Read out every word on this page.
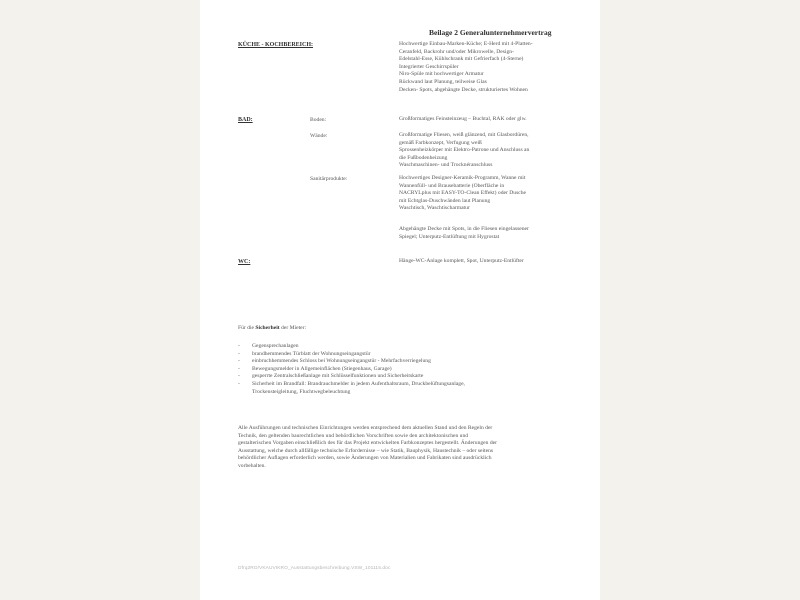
Beilage 2 Generalunternehmervertrag
KÜCHE - KOCHBEREICH:	Hochwertige Einbau-Marken-Küche; E-Herd mit 4-Platten-
Ceranfeld, Backrohr und/oder Mikrowelle, Design-
Edelstahl-Esse, Kühlschrank mit Gefrierfach (4-Sterne)
Integrierter Geschirrspüler
Niro-Spüle mit hochwertiger Armatur
Rückwand laut Planung, teilweise Glas
Decken- Spots, abgehängte Decke, strukturiertes Wohnen
BAD:	Boden:	Großformatiges Feinsteinzeug – Buchtal, RAK oder glw.
Wände:	Großformatige Fliesen, weiß glänzend, mit Glasbordüren,
gemäß Farbkonzept, Verfugung weiß
Sprossenheizkörper mit Elektro-Patrone und Anschluss an
die Fußbodenheizung
Waschmaschinen- und Trocknéranschluss
Sanitärprodukte:	Hochwertiges Designer-Keramik-Programm, Wanne mit
Wannenfüll- und Brausebatterie (Oberfläche in
NACRYLplus mit EASY-TO-Clean Effekt) oder Dusche
mit Echtglas-Duschwänden laut Planung
Waschtisch, Waschtischarmatur
Abgehängte Decke mit Spots, in die Fliesen eingelassener
Spiegel; Unterputz-Entlüftung mit Hygrostat
WC:	Hänge-WC-Anlage komplett, Spot, Unterputz-Entlüfter
Für die Sicherheit der Mieter:
- Gegensprechanlagen
- brandhemmendes Türblatt der Wohnungseingangstür
- einbruchhemmendes Schloss bei Wohnungseingangstür - Mehrfachverriegelung
- Bewegungsmelder in Allgemeinflächen (Stiegenhaus, Garage)
- gesperrte Zentralschließanlage mit Schlüsselfunktionen und Sicherheitskarte
- Sicherheit im Brandfall: Brandrauchmelder in jedem Aufenthaltsraum, Druckbelüftungsanlage,
Trockensteigleitung, Fluchtwegbeleuchtung
Alle Ausführungen und technischen Einrichtungen werden entsprechend dem aktuellen Stand und den Regeln der
Technik, den geltenden baurechtlichen und behördlichen Vorschriften sowie den architektonischen und
gestalterischen Vorgaben einschließlich des für das Projekt entwickelten Farbkonzeptes hergestellt. Änderungen der
Ausstattung, welche durch allfällige technische Erfordernisse – wie Statik, Bauphysik, Haustechnik – oder seitens
behördlicher Auflagen erforderlich werden, sowie Änderungen von Materialien und Fabrikaten sind ausdrücklich
vorbehalten.
Dfrq2RO/VKAUVIKRO_Ausstattungsbeschreibung.VSW_101115.doc
